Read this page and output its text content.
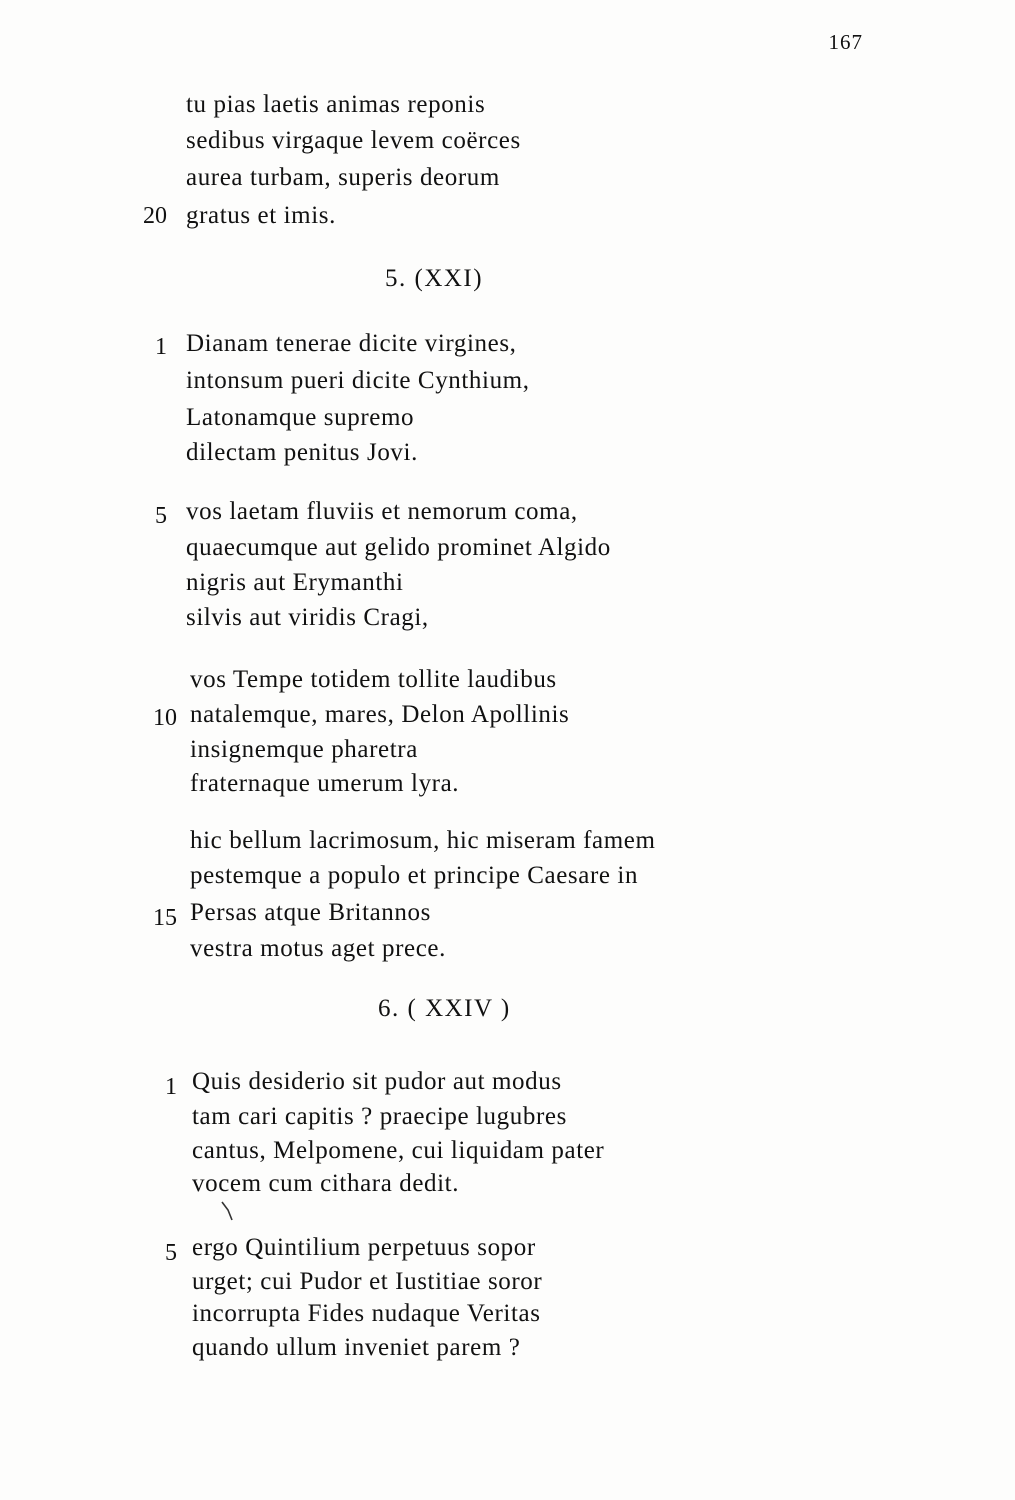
167
tu pias laetis animas reponis
sedibus virgaque levem coërces
aurea turbam, superis deorum
20 gratus et imis.
5. (XXI)
1 Dianam tenerae dicite virgines,
intonsum pueri dicite Cynthium,
Latonamque supremo
dilectam penitus Jovi.
5 vos laetam fluviis et nemorum coma,
quaecumque aut gelido prominet Algido
nigris aut Erymanthi
silvis aut viridis Cragi,
vos Tempe totidem tollite laudibus
10 natalemque, mares, Delon Apollinis
insignemque pharetra
fraternaque umerum lyra.
hic bellum lacrimosum, hic miseram famem
pestemque a populo et principe Caesare in
15 Persas atque Britannos
vestra motus aget prece.
6. ( XXIV )
1 Quis desiderio sit pudor aut modus
tam cari capitis ? praecipe lugubres
cantus, Melpomene, cui liquidam pater
vocem cum cithara dedit.
5 ergo Quintilium perpetuus sopor
urget; cui Pudor et Iustitiae soror
incorrupta Fides nudaque Veritas
quando ullum inveniet parem ?
